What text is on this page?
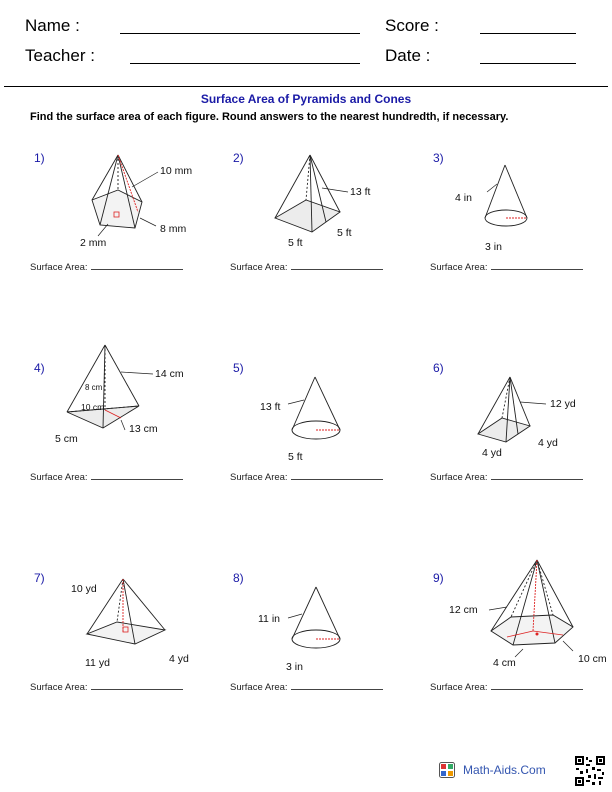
Name :
Teacher :
Score :
Date :
Surface Area of Pyramids and Cones
Find the surface area of each figure. Round answers to the nearest hundredth, if necessary.
1)	2)	3)
4)	5)	6)
7)	8)	9)
10 mm
8 mm
2 mm
13 ft
5 ft
5 ft
4 in
3 in
14 cm
8 cm
10 cm
13 cm
5 cm
13 ft
5 ft
12 yd
4 yd
4 yd
10 yd
11 yd	4 yd
11 in
3 in
12 cm
4 cm	10 cm
Surface Area:	Surface Area:	Surface Area:
Surface Area:	Surface Area:	Surface Area:
Surface Area:	Surface Area:	Surface Area:
Math-Aids.Com
